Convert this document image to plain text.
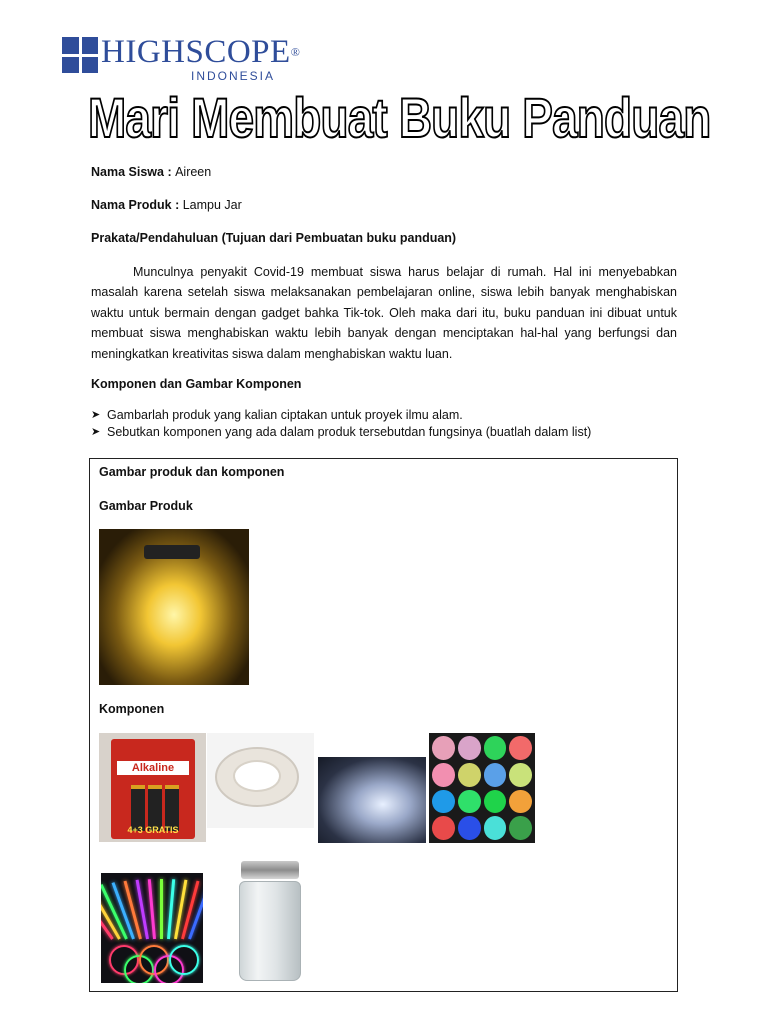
HIGHSCOPE®
INDONESIA
Mari Membuat Buku Panduan
Nama Siswa : Aireen
Nama Produk : Lampu Jar
Prakata/Pendahuluan (Tujuan dari Pembuatan buku panduan)
Munculnya penyakit Covid-19 membuat siswa harus belajar di rumah. Hal ini menyebabkan masalah karena setelah siswa melaksanakan pembelajaran online, siswa lebih banyak menghabiskan waktu untuk bermain dengan gadget bahka Tik-tok. Oleh maka dari itu, buku panduan ini dibuat untuk membuat siswa menghabiskan waktu lebih banyak dengan menciptakan hal-hal yang berfungsi dan meningkatkan kreativitas siswa dalam menghabiskan waktu luan.
Komponen dan Gambar Komponen
➤ Gambarlah produk yang kalian ciptakan untuk proyek ilmu alam.
➤ Sebutkan komponen yang ada dalam produk tersebutdan fungsinya (buatlah dalam list)
Gambar produk dan komponen
Gambar Produk
Komponen
Alkaline
4+3 GRATIS
